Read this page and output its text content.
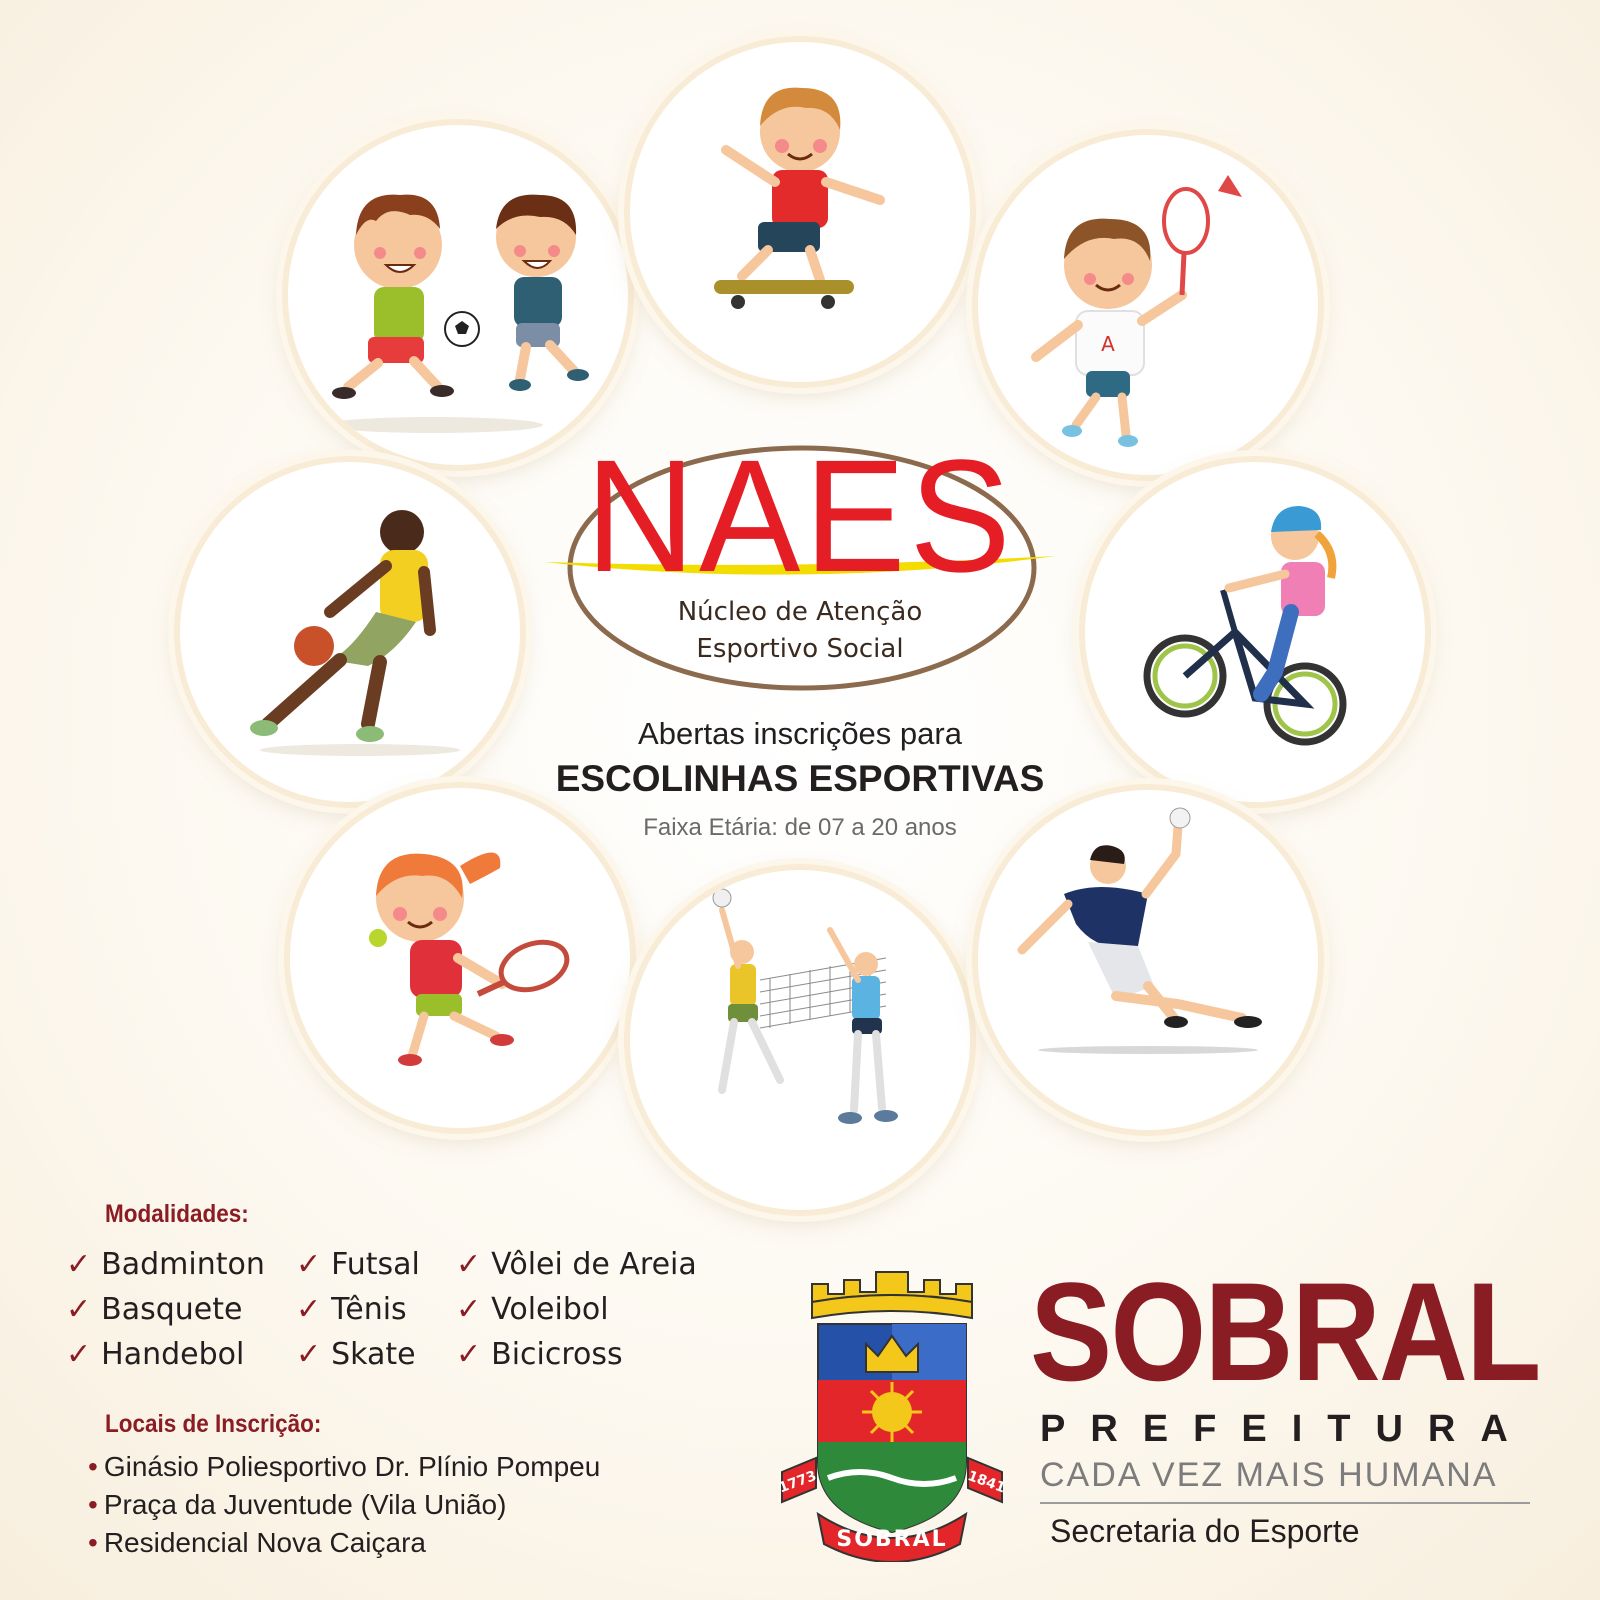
A
NAES
Núcleo de Atenção
Esportivo Social
Abertas inscrições para
ESCOLINHAS ESPORTIVAS
Faixa Etária: de 07 a 20 anos
Modalidades:
✓ Badminton
✓ Basquete
✓ Handebol
✓ Futsal
✓ Tênis
✓ Skate
✓ Vôlei de Areia
✓ Voleibol
✓ Bicicross
Locais de Inscrição:
• Ginásio Poliesportivo Dr. Plínio Pompeu
• Praça da Juventude (Vila União)
• Residencial Nova Caiçara
1773	1841
SOBRAL
SOBRAL
PREFEITURA
CADA VEZ MAIS HUMANA
Secretaria do Esporte
